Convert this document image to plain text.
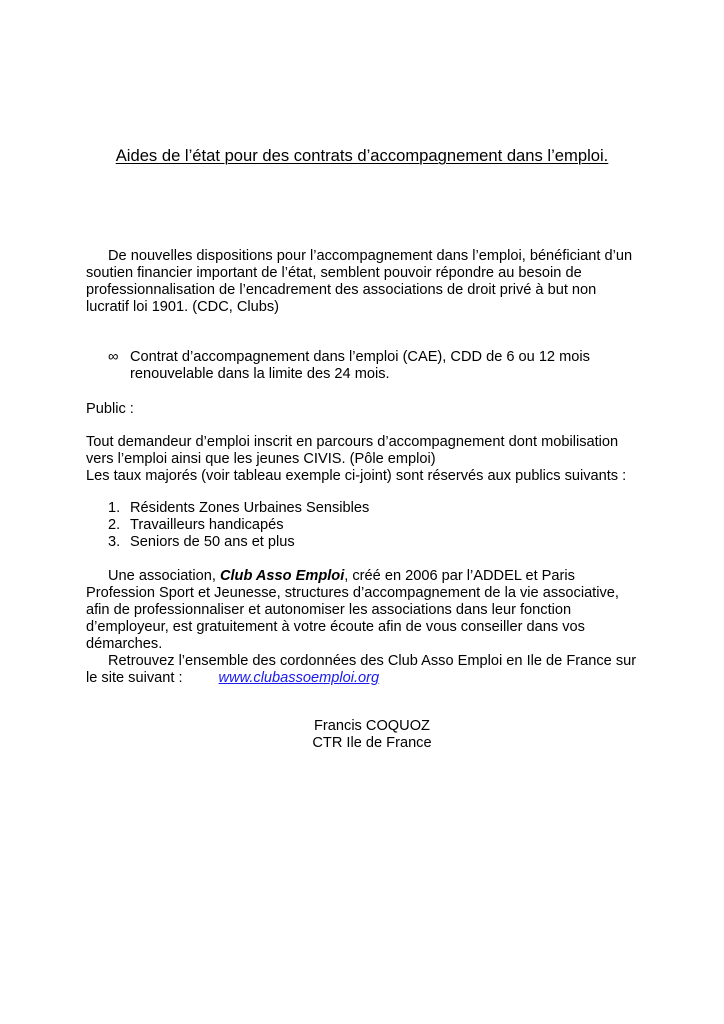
Aides de l’état pour des contrats d’accompagnement dans l’emploi.

De nouvelles dispositions pour l’accompagnement dans l’emploi, bénéficiant d’un

soutien financier important de l’état, semblent pouvoir répondre au besoin de

professionnalisation de l’encadrement des associations de droit privé à but non

lucratif loi 1901. (CDC, Clubs)

∞ Contrat d’accompagnement dans l’emploi (CAE), CDD de 6 ou 12 mois

renouvelable dans la limite des 24 mois.

Public :

Tout demandeur d’emploi inscrit en parcours d’accompagnement dont mobilisation

vers l’emploi ainsi que les jeunes CIVIS. (Pôle emploi)

Les taux majorés (voir tableau exemple ci-joint) sont réservés aux publics suivants :

1. Résidents Zones Urbaines Sensibles
2. Travailleurs handicapés
3. Seniors de 50 ans et plus

Une association, Club Asso Emploi, créé en 2006 par l’ADDEL et Paris

Profession Sport et Jeunesse, structures d’accompagnement de la vie associative,

afin de professionnaliser et autonomiser les associations dans leur fonction

d’employeur, est gratuitement à votre écoute afin de vous conseiller dans vos

démarches.

Retrouvez l’ensemble des cordonnées des Club Asso Emploi en Ile de France sur

le site suivant : www.clubassoemploi.org

Francis COQUOZ
CTR Ile de France
